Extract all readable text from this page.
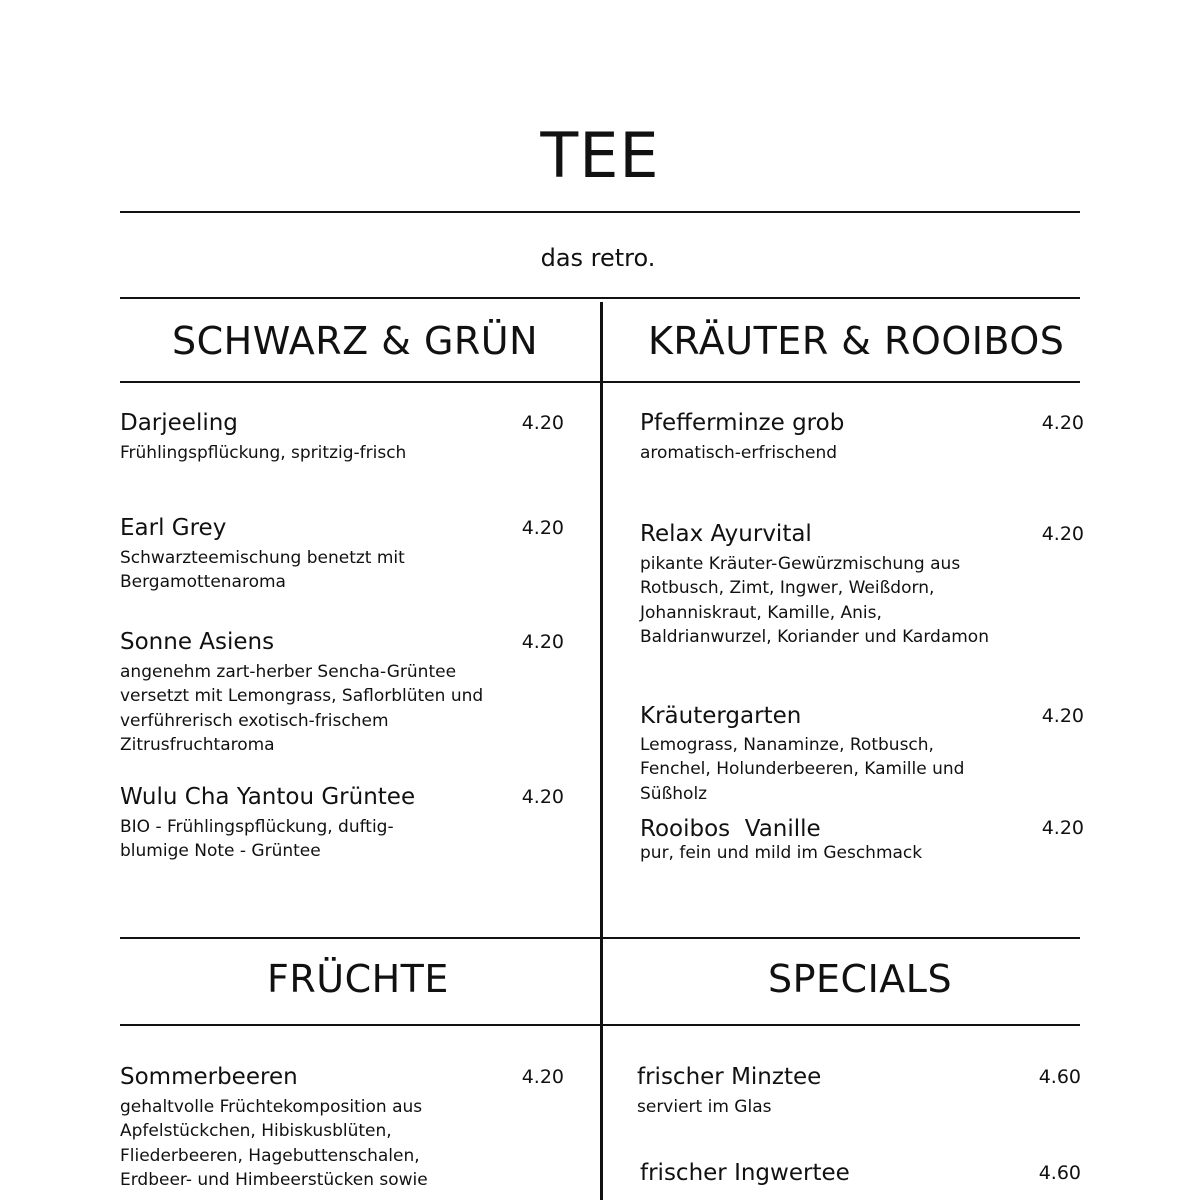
TEE
das retro.
SCHWARZ & GRÜN
Darjeeling	4.20
Frühlingspflückung, spritzig-frisch
Earl Grey	4.20
Schwarzteemischung benetzt mit Bergamottenaroma
Sonne Asiens	4.20
angenehm zart-herber Sencha-Grüntee versetzt mit Lemongrass, Saflorblüten und verführerisch exotisch-frischem Zitrusfruchtaroma
Wulu Cha Yantou Grüntee	4.20
BIO - Frühlingspflückung, duftig-blumige Note - Grüntee
KRÄUTER & ROOIBOS
Pfefferminze grob	4.20
aromatisch-erfrischend
Relax Ayurvital	4.20
pikante Kräuter-Gewürzmischung aus Rotbusch, Zimt, Ingwer, Weißdorn, Johanniskraut, Kamille, Anis, Baldrianwurzel, Koriander und Kardamon
Kräutergarten	4.20
Lemograss, Nanaminze, Rotbusch, Fenchel, Holunderbeeren, Kamille und Süßholz
Rooibos  Vanille	4.20
pur, fein und mild im Geschmack
FRÜCHTE
Sommerbeeren	4.20
gehaltvolle Früchtekomposition aus Apfelstückchen, Hibiskusblüten, Fliederbeeren, Hagebuttenschalen, Erdbeer- und Himbeerstücken sowie
SPECIALS
frischer Minztee	4.60
serviert im Glas
frischer Ingwertee	4.60
